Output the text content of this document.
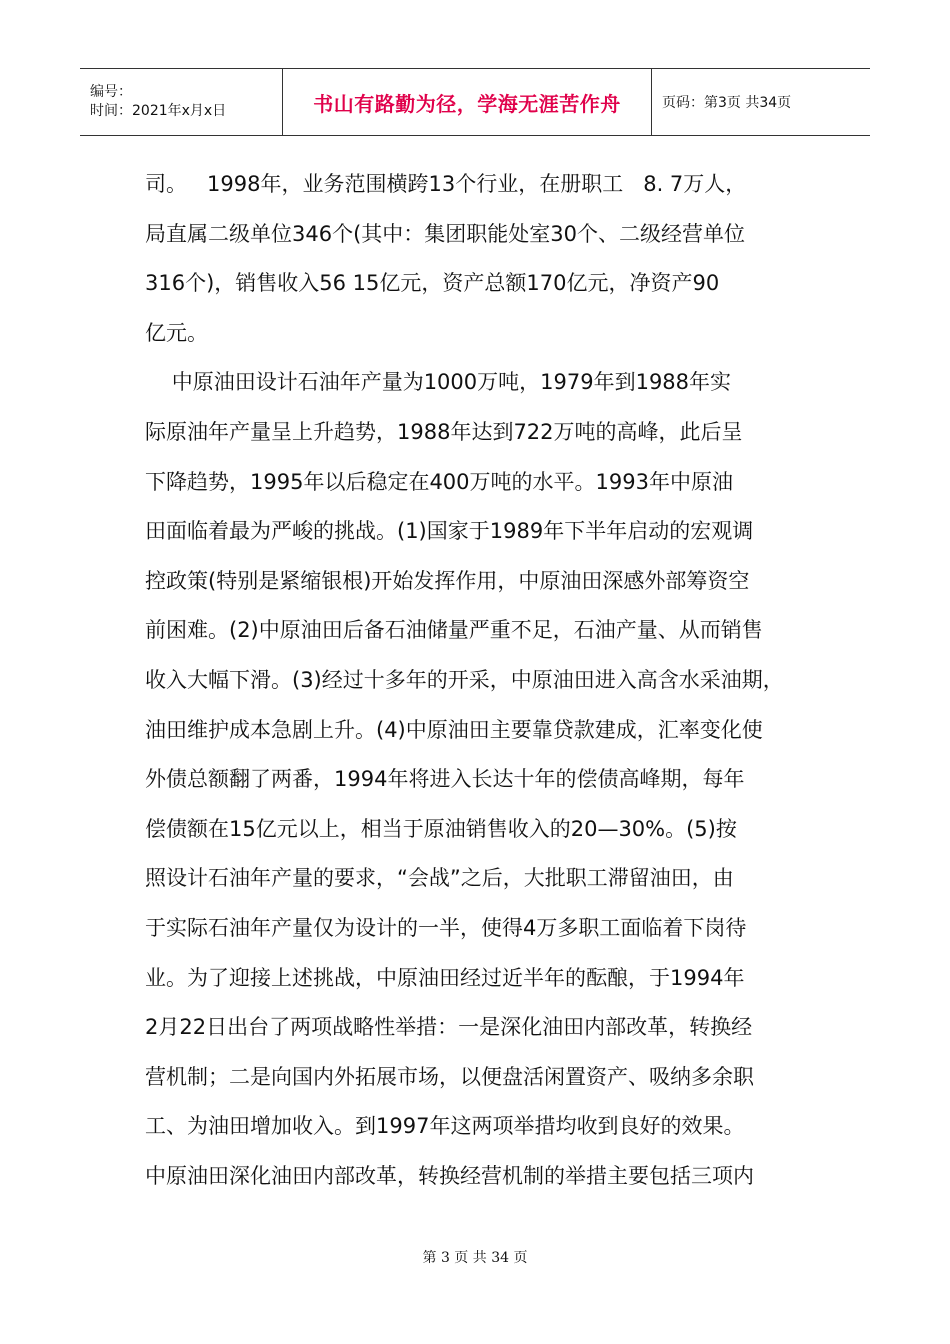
编号：
时间：2021年x月x日	书山有路勤为径，学海无涯苦作舟	页码：第3页 共34页
司。   1998年，业务范围横跨13个行业，在册职工   8. 7万人，
局直属二级单位346个(其中：集团职能处室30个、二级经营单位
316个)，销售收入56 15亿元，资产总额170亿元，净资产90
亿元。
中原油田设计石油年产量为1000万吨，1979年到1988年实
际原油年产量呈上升趋势，1988年达到722万吨的高峰，此后呈
下降趋势，1995年以后稳定在400万吨的水平。1993年中原油
田面临着最为严峻的挑战。(1)国家于1989年下半年启动的宏观调
控政策(特别是紧缩银根)开始发挥作用，中原油田深感外部筹资空
前困难。(2)中原油田后备石油储量严重不足，石油产量、从而销售
收入大幅下滑。(3)经过十多年的开采，中原油田进入高含水采油期，
油田维护成本急剧上升。(4)中原油田主要靠贷款建成，汇率变化使
外债总额翻了两番，1994年将进入长达十年的偿债高峰期，每年
偿债额在15亿元以上，相当于原油销售收入的20—30%。(5)按
照设计石油年产量的要求，“会战”之后，大批职工滞留油田，由
于实际石油年产量仅为设计的一半，使得4万多职工面临着下岗待
业。为了迎接上述挑战，中原油田经过近半年的酝酿，于1994年
2月22日出台了两项战略性举措：一是深化油田内部改革，转换经
营机制；二是向国内外拓展市场，以便盘活闲置资产、吸纳多余职
工、为油田增加收入。到1997年这两项举措均收到良好的效果。
中原油田深化油田内部改革，转换经营机制的举措主要包括三项内
第 3 页 共 34 页
